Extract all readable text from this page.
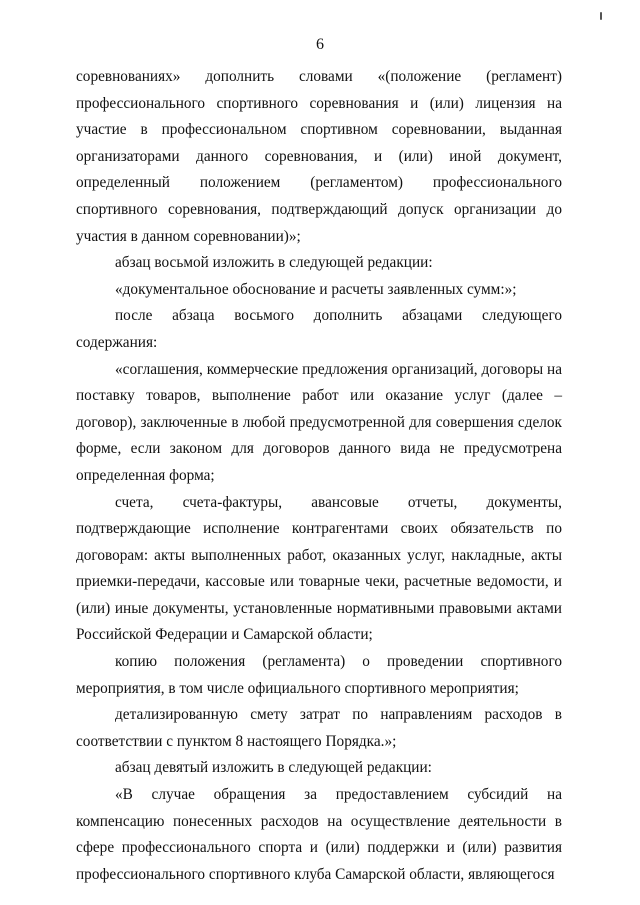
6

соревнованиях» дополнить словами «(положение (регламент) профессионального спортивного соревнования и (или) лицензия на участие в профессиональном спортивном соревновании, выданная организаторами данного соревнования, и (или) иной документ, определенный положением (регламентом) профессионального спортивного соревнования, подтверждающий допуск организации до участия в данном соревновании)»;

абзац восьмой изложить в следующей редакции:

«документальное обоснование и расчеты заявленных сумм:»;

после абзаца восьмого дополнить абзацами следующего содержания:

«соглашения, коммерческие предложения организаций, договоры на поставку товаров, выполнение работ или оказание услуг (далее – договор), заключенные в любой предусмотренной для совершения сделок форме, если законом для договоров данного вида не предусмотрена определенная форма;

счета, счета-фактуры, авансовые отчеты, документы, подтверждающие исполнение контрагентами своих обязательств по договорам: акты выполненных работ, оказанных услуг, накладные, акты приемки-передачи, кассовые или товарные чеки, расчетные ведомости, и (или) иные документы, установленные нормативными правовыми актами Российской Федерации и Самарской области;

копию положения (регламента) о проведении спортивного мероприятия, в том числе официального спортивного мероприятия;

детализированную смету затрат по направлениям расходов в соответствии с пунктом 8 настоящего Порядка.»;

абзац девятый изложить в следующей редакции:

«В случае обращения за предоставлением субсидий на компенсацию понесенных расходов на осуществление деятельности в сфере профессионального спорта и (или) поддержки и (или) развития профессионального спортивного клуба Самарской области, являющегося
